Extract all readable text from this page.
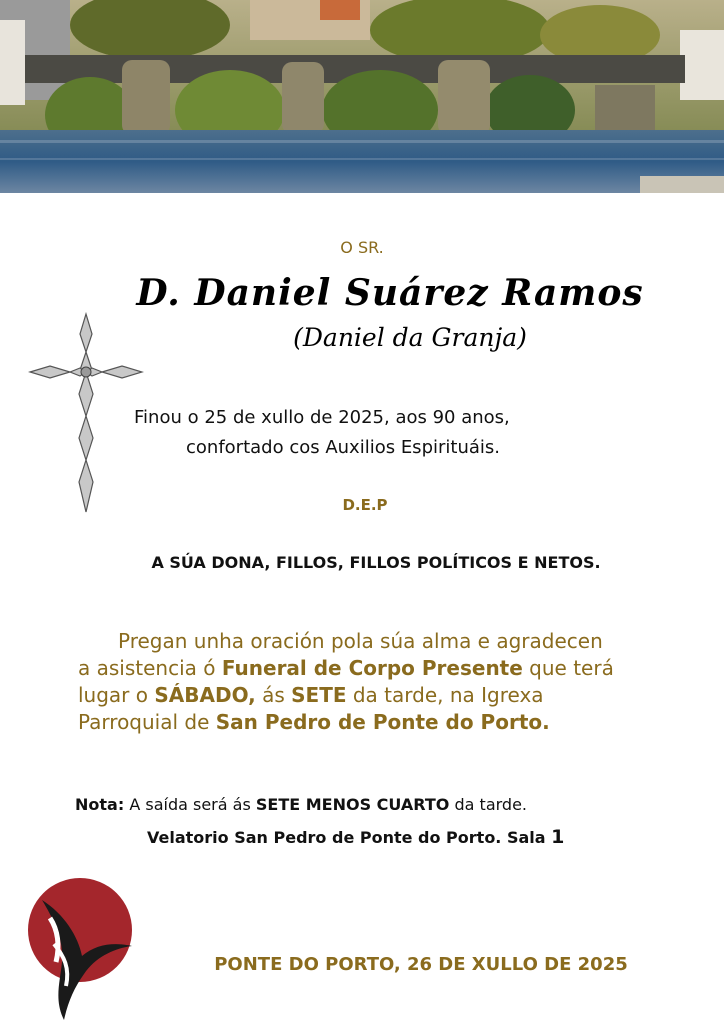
O SR.
D. Daniel Suárez Ramos
(Daniel da Granja)
Finou o 25 de xullo de 2025, aos 90 anos,
confortado cos Auxilios Espirituáis.
D.E.P
A SÚA DONA, FILLOS, FILLOS POLÍTICOS E NETOS.
Pregan unha oración pola súa alma e agradecen
a asistencia ó Funeral de Corpo Presente que terá
lugar o SÁBADO, ás SETE da tarde, na Igrexa
Parroquial de San Pedro de Ponte do Porto.
Nota: A saída será ás SETE MENOS CUARTO da tarde.
Velatorio San Pedro de Ponte do Porto. Sala 1
PONTE DO PORTO, 26 DE XULLO DE 2025
